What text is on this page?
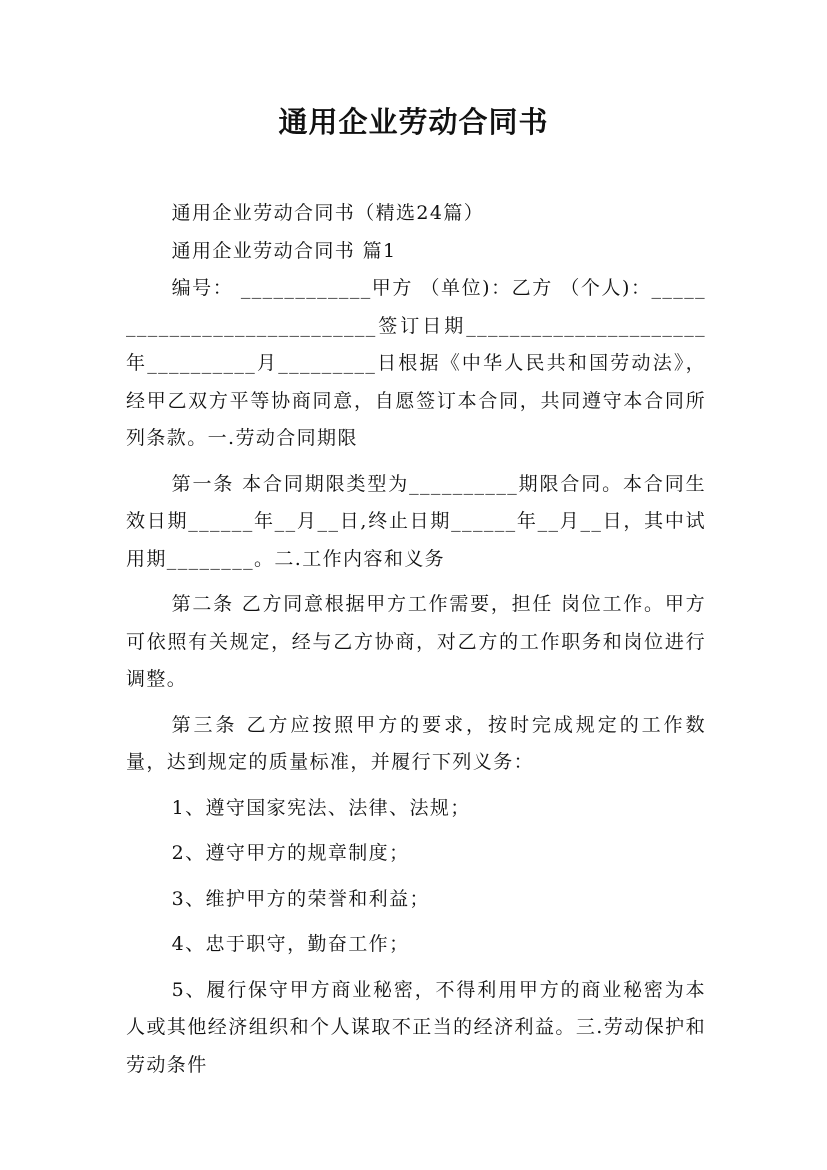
通用企业劳动合同书

通用企业劳动合同书（精选24篇）

通用企业劳动合同书 篇1

编号： ____________甲方 （单位)：乙方 （个人)：____________________________签订日期______________________年__________月_________日根据《中华人民共和国劳动法》，经甲乙双方平等协商同意，自愿签订本合同，共同遵守本合同所列条款。一.劳动合同期限

第一条 本合同期限类型为__________期限合同。本合同生效日期______年__月__日,终止日期______年__月__日，其中试用期________。二.工作内容和义务

第二条 乙方同意根据甲方工作需要，担任 岗位工作。甲方可依照有关规定，经与乙方协商，对乙方的工作职务和岗位进行调整。

第三条 乙方应按照甲方的要求，按时完成规定的工作数量，达到规定的质量标准，并履行下列义务：

1、遵守国家宪法、法律、法规；

2、遵守甲方的规章制度；

3、维护甲方的荣誉和利益；

4、忠于职守，勤奋工作；

5、履行保守甲方商业秘密，不得利用甲方的商业秘密为本人或其他经济组织和个人谋取不正当的经济利益。三.劳动保护和劳动条件
